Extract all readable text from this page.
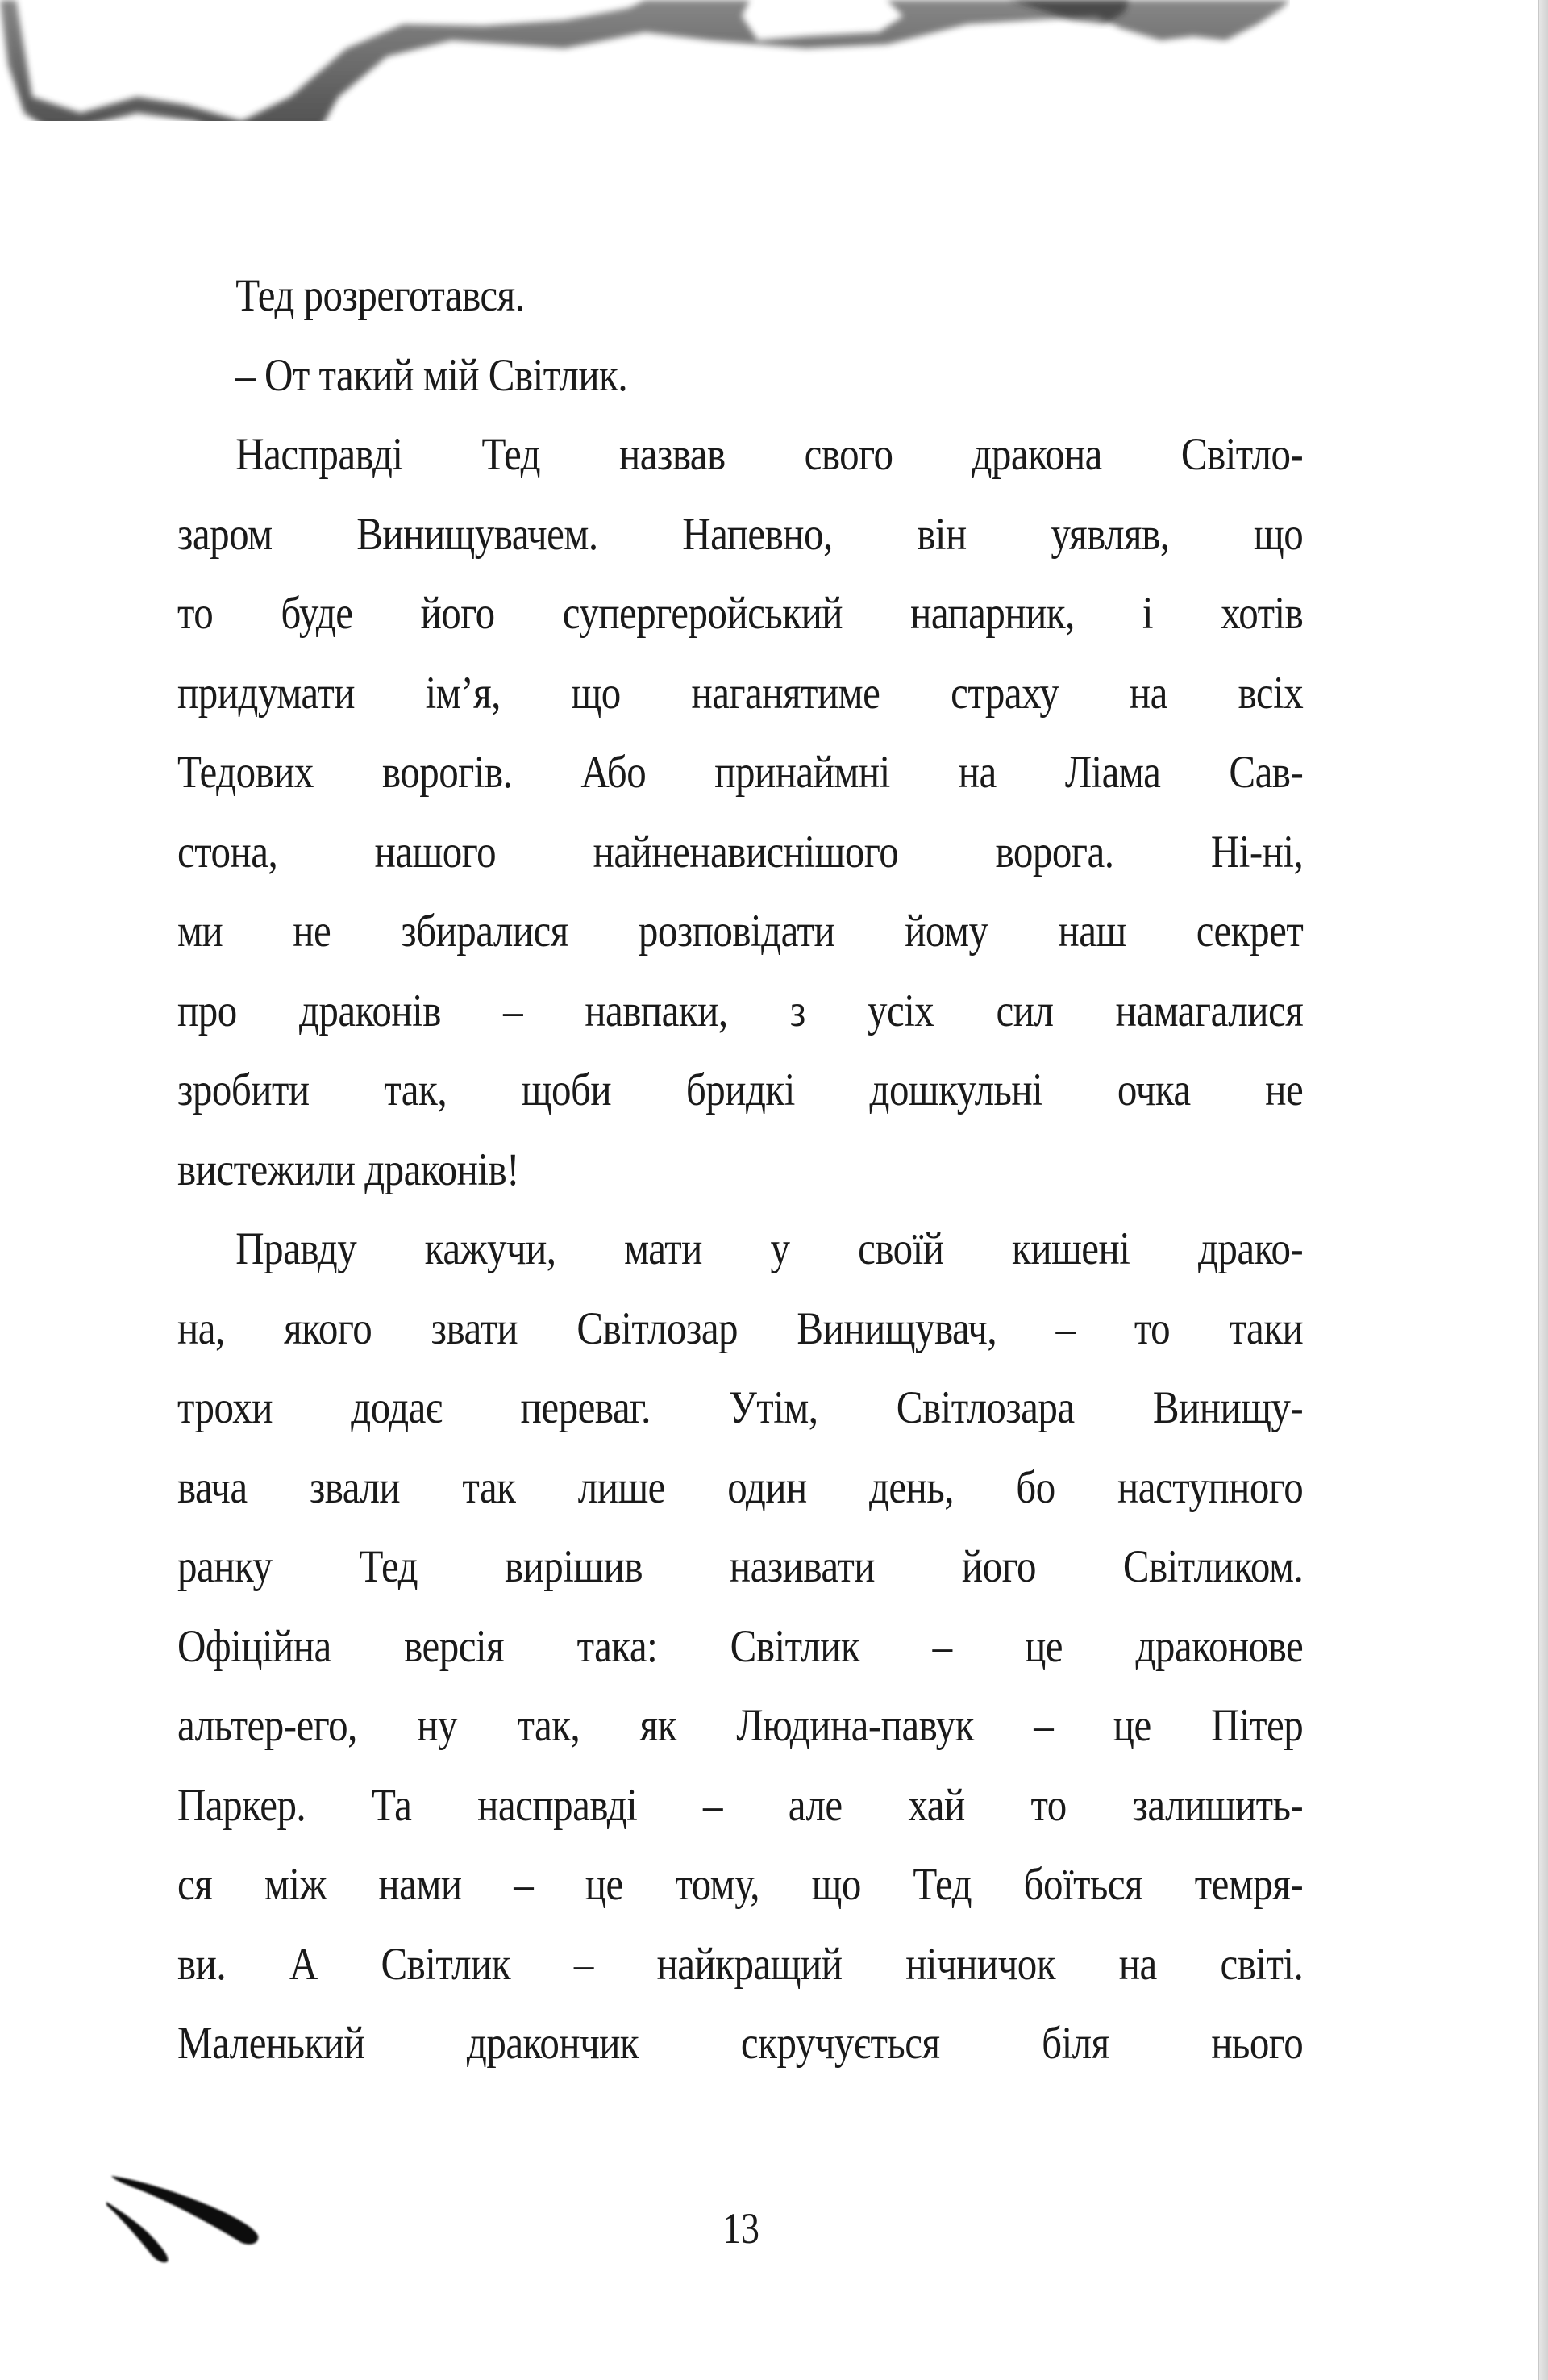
Тед розреготався.
– От такий мій Світлик.
Насправді Тед назвав свого дракона Світло-
заром Винищувачем. Напевно, він уявляв, що
то буде його супергеройський напарник, і хотів
придумати ім’я, що наганятиме страху на всіх
Тедових ворогів. Або принаймні на Ліама Сав-
стона, нашого найненависнішого ворога. Ні-ні,
ми не збиралися розповідати йому наш секрет
про драконів – навпаки, з усіх сил намагалися
зробити так, щоби бридкі дошкульні очка не
вистежили драконів!
Правду кажучи, мати у своїй кишені драко-
на, якого звати Світлозар Винищувач, – то таки
трохи додає переваг. Утім, Світлозара Винищу-
вача звали так лише один день, бо наступного
ранку Тед вирішив називати його Світликом.
Офіційна версія така: Світлик – це драконове
альтер-его, ну так, як Людина-павук – це Пітер
Паркер. Та насправді – але хай то залишить-
ся між нами – це тому, що Тед боїться темря-
ви. А Світлик – найкращий нічничок на світі.
Маленький дракончик скручується біля нього
13
